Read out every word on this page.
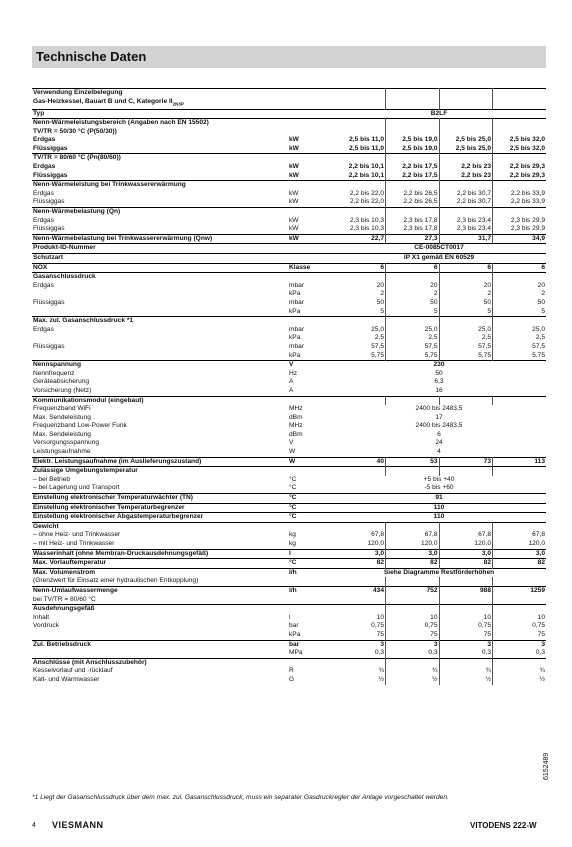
Technische Daten
Verwendung Einzelbelegung					
Gas-Heizkessel, Bauart B und C, Kategorie $II_{2N3P}$					
Typ		B2LF			
Nenn-Wärmeleistungsbereich (Angaben nach EN 15502)					
TV/TR = 50/30 °C (P(50/30))					
Erdgas	kW	2,5 bis 11,0	2,5 bis 19,0	2,5 bis 25,0	2,5 bis 32,0
Flüssiggas	kW	2,5 bis 11,0	2,5 bis 19,0	2,5 bis 25,0	2,5 bis 32,0
TV/TR = 80/60 °C (Pn(80/60))					
Erdgas	kW	2,2 bis 10,1	2,2 bis 17,5	2,2 bis 23	2,2 bis 29,3
Flüssiggas	kW	2,2 bis 10,1	2,2 bis 17,5	2,2 bis 23	2,2 bis 29,3
Nenn-Wärmeleistung bei Trinkwassererwärmung					
Erdgas	kW	2,2 bis 22,0	2,2 bis 26,5	2,2 bis 30,7	2,2 bis 33,9
Flüssiggas	kW	2,2 bis 22,0	2,2 bis 26,5	2,2 bis 30,7	2,2 bis 33,9
Nenn-Wärmebelastung (Qn)					
Erdgas	kW	2,3 bis 10,3	2,3 bis 17,8	2,3 bis 23,4	2,3 bis 29,9
Flüssiggas	kW	2,3 bis 10,3	2,3 bis 17,8	2,3 bis 23,4	2,3 bis 29,9
Nenn-Wärmebelastung bei Trinkwassererwärmung (Qnw)	kW	22,7	27,3	31,7	34,9
Produkt-ID-Nummer		CE-0085CT0017			
Schutzart		IP X1 gemäß EN 60529			
NOX	Klasse	6	6	6	6
Gasanschlussdruck					
Erdgas	mbar	20	20	20	20
	kPa	2	2	2	2
Flüssiggas	mbar	50	50	50	50
	kPa	5	5	5	5
Max. zul. Gasanschlussdruck *1					
Erdgas	mbar	25,0	25,0	25,0	25,0
	kPa	2,5	2,5	2,5	2,5
Flüssiggas	mbar	57,5	57,5	57,5	57,5
	kPa	5,75	5,75	5,75	5,75
Nennspannung	V	230			
Nennfrequenz	Hz	50			
Geräteabsicherung	A	6,3			
Vorsicherung (Netz)	A	16			
Kommunikationsmodul (eingebaut)					
Frequenzband WiFi	MHz	2400 bis 2483,5			
Max. Sendeleistung	dBm	17			
Frequenzband Low-Power Funk	MHz	2400 bis 2483,5			
Max. Sendeleistung	dBm	6			
Versorgungsspannung	V	24			
Leistungsaufnahme	W	4			
Elektr. Leistungsaufnahme (im Auslieferungszustand)	W	40	53	73	113
Zulässige Umgebungstemperatur					
– bei Betrieb	°C	+5 bis +40			
– bei Lagerung und Transport	°C	-5 bis +60			
Einstellung elektronischer Temperaturwächter (TN)	°C	91			
Einstellung elektronischer Temperaturbegrenzer	°C	110			
Einstellung elektronischer Abgastemperaturbegrenzer	°C	110			
Gewicht					
– ohne Heiz- und Trinkwasser	kg	67,8	67,8	67,8	67,8
– mit Heiz- und Trinkwasser	kg	120,0	120,0	120,0	120,0
Wasserinhalt (ohne Membran-Druckausdehnungsgefäß)	l	3,0	3,0	3,0	3,0
Max. Vorlauftemperatur	°C	82	82	82	82
Max. Volumenstrom	l/h	Siehe Diagramme Restförderhöhen			
(Grenzwert für Einsatz einer hydraulischen Entkopplung)					
Nenn-Umlaufwassermenge	l/h	434	752	988	1259
bei TV/TR = 80/60 °C					
Ausdehnungsgefäß					
Inhalt	l	10	10	10	10
Vordruck	bar	0,75	0,75	0,75	0,75
	kPa	75	75	75	75
Zul. Betriebsdruck	bar	3	3	3	3
	MPa	0,3	0,3	0,3	0,3
Anschlüsse (mit Anschlusszubehör)					
Kesselvorlauf und -rücklauf	R	¾	¾	¾	¾
Kalt- und Warmwasser	G	½	½	½	½
*1 Liegt der Gasanschlussdruck über dem max. zul. Gasanschlussdruck, muss ein separater Gasdruckregler der Anlage vorgeschaltet werden.
4 VIESMANN	VITODENS 222-W
6152489
